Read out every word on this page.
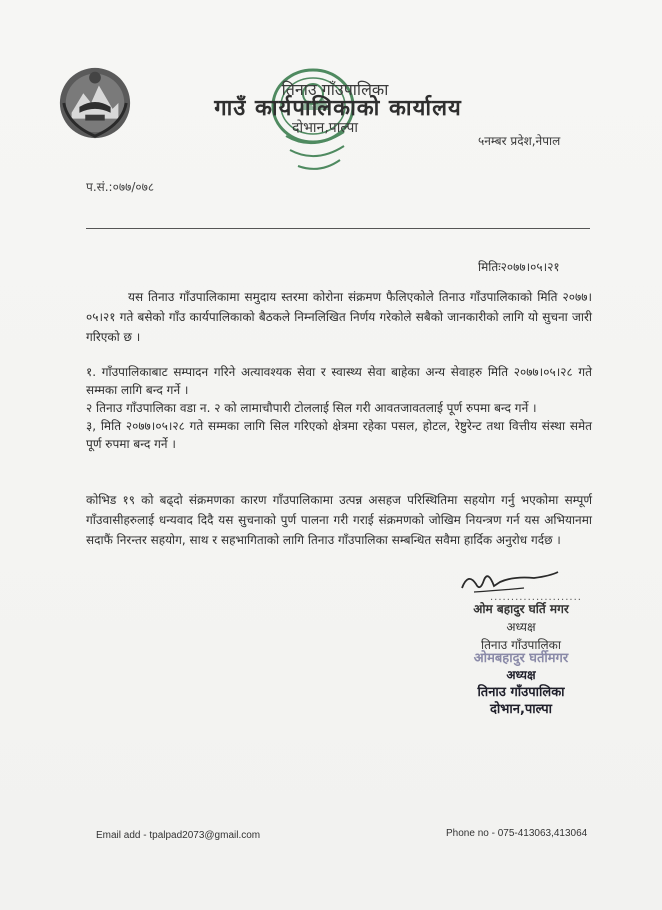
तिनाउ गाँउपालिका
गाउँ कार्यपालिकाको कार्यालय
दोभान,पाल्पा
५नम्बर प्रदेश,नेपाल
प.सं.:०७७/०७८
मितिः२०७७।०५।२१
यस तिनाउ गाँउपालिकामा समुदाय स्तरमा कोरोना संक्रमण फैलिएकोले तिनाउ गाँउपालिकाको मिति २०७७।०५।२१ गते बसेको गाँउ कार्यपालिकाको बैठकले निम्नलिखित निर्णय गरेकोले सबैको जानकारीको लागि यो सुचना जारी गरिएको छ ।
१. गाँउपालिकाबाट सम्पादन गरिने अत्यावश्यक सेवा र स्वास्थ्य सेवा बाहेका अन्य सेवाहरु मिति २०७७।०५।२८ गते सम्मका लागि बन्द गर्ने ।
२ तिनाउ गाँउपालिका वडा न. २ को लामाचौपारी टोललाई सिल गरी आवतजावतलाई पूर्ण रुपमा बन्द गर्ने ।
३, मिति २०७७।०५।२८ गते सम्मका लागि सिल गरिएको क्षेत्रमा रहेका पसल, होटल, रेष्टुरेन्ट तथा वित्तीय संस्था समेत पूर्ण रुपमा बन्द गर्ने ।
कोभिड १९ को बढ्दो संक्रमणका कारण गाँउपालिकामा उत्पन्न असहज परिस्थितिमा सहयोग गर्नु भएकोमा सम्पूर्ण गाँउवासीहरुलाई धन्यवाद दिदै यस सुचनाको पुर्ण पालना गरी गराई संक्रमणको जोखिम नियन्त्रण गर्न यस अभियानमा सदाफैं निरन्तर सहयोग, साथ र सहभागिताको लागि तिनाउ गाँउपालिका सम्बन्धित सवैमा हार्दिक अनुरोध गर्दछ ।
......................
ओम बहादुर घर्ति मगर
अध्यक्ष
तिनाउ गाँउपालिका
ओमबहादुर घर्तीमगर
अध्यक्ष
तिनाउ गाँउपालिका
दोभान,पाल्पा
Email add - tpalpad2073@gmail.com	Phone no - 075-413063,413064
